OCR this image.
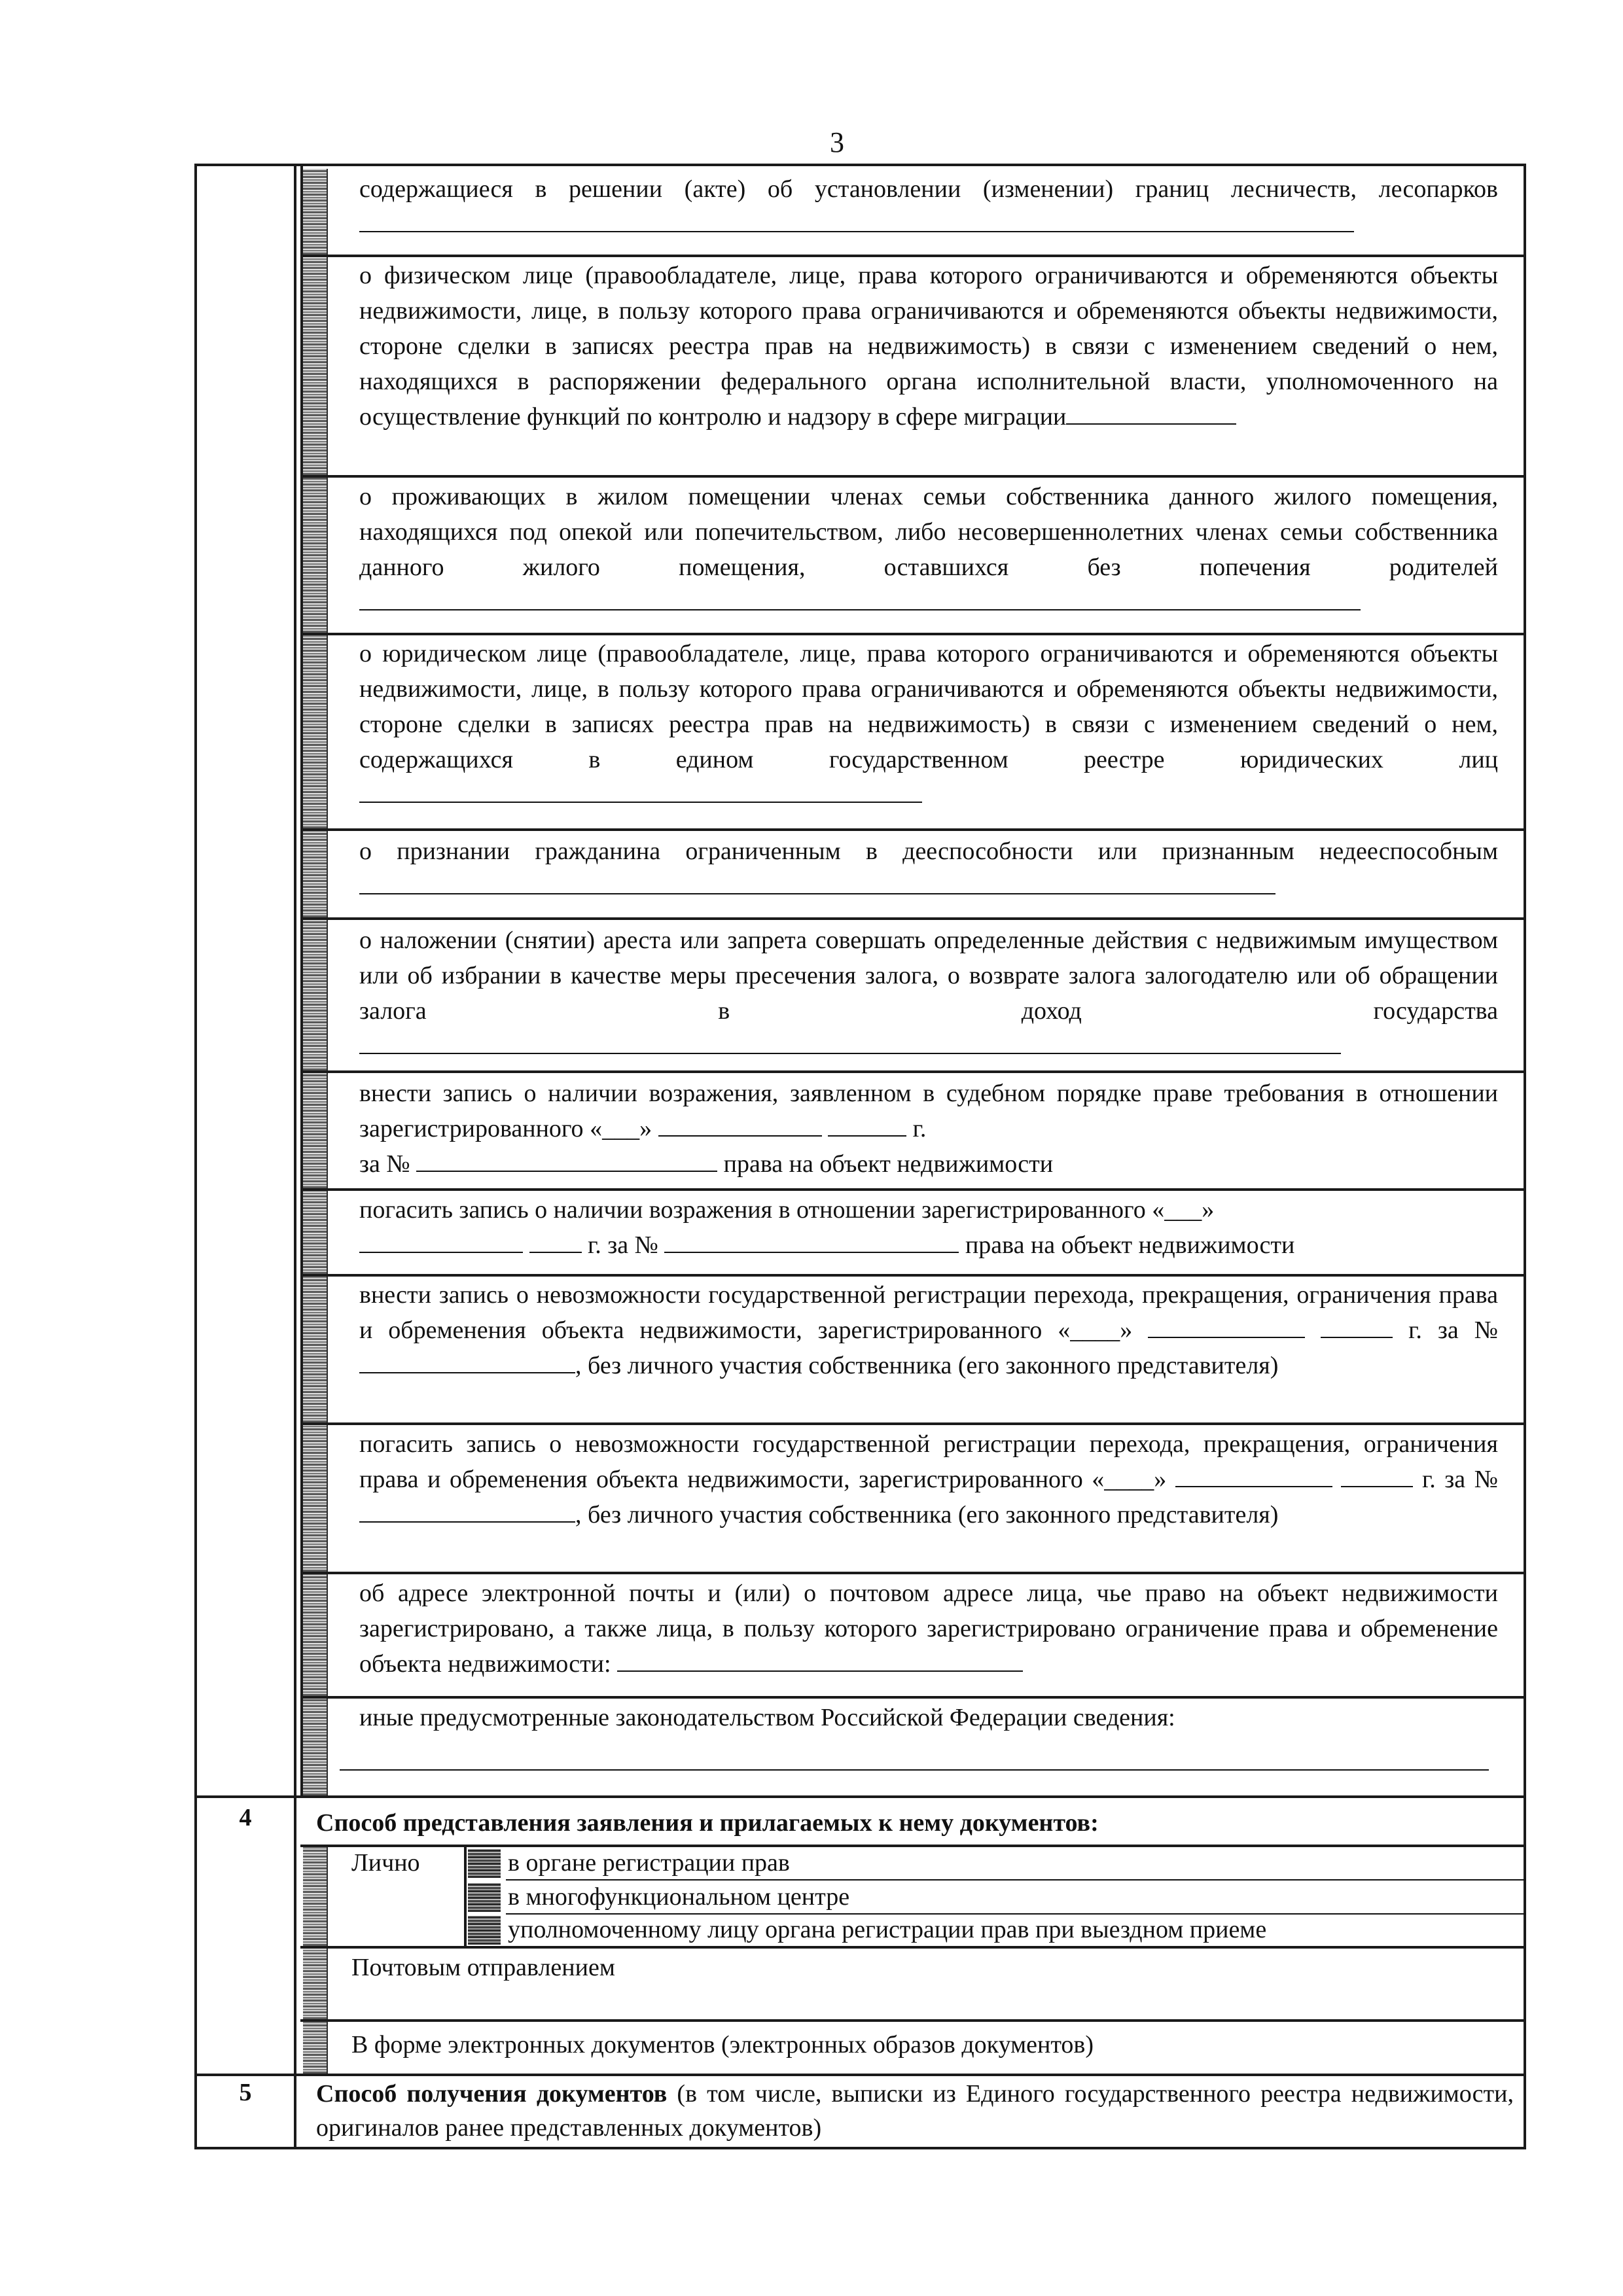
3
содержащиеся в решении (акте) об установлении (изменении) границ лесничеств, лесопарков
о физическом лице (правообладателе, лице, права которого ограничиваются и обременяются объекты недвижимости, лице, в пользу которого права ограничиваются и обременяются объекты недвижимости, стороне сделки в записях реестра прав на недвижимость) в связи с изменением сведений о нем, находящихся в распоряжении федерального органа исполнительной власти, уполномоченного на осуществление функций по контролю и надзору в сфере миграции
о проживающих в жилом помещении членах семьи собственника данного жилого помещения, находящихся под опекой или попечительством, либо несовершеннолетних членах семьи собственника данного жилого помещения, оставшихся без попечения родителей
о юридическом лице (правообладателе, лице, права которого ограничиваются и обременяются объекты недвижимости, лице, в пользу которого права ограничиваются и обременяются объекты недвижимости, стороне сделки в записях реестра прав на недвижимость) в связи с изменением сведений о нем, содержащихся в едином государственном реестре юридических лиц
о признании гражданина ограниченным в дееспособности или признанным недееспособным
о наложении (снятии) ареста или запрета совершать определенные действия с недвижимым имуществом или об избрании в качестве меры пресечения залога, о возврате залога залогодателю или об обращении залога в доход государства
внести запись о наличии возражения, заявленном в судебном порядке праве требования в отношении зарегистрированного «___»	г.
за №	права на объект недвижимости
погасить запись о наличии возражения в отношении зарегистрированного «___»
г. за №	права на объект недвижимости
внести запись о невозможности государственной регистрации перехода, прекращения, ограничения права и обременения объекта недвижимости, зарегистрированного «____»	г. за № , без личного участия собственника (его законного представителя)
погасить запись о невозможности государственной регистрации перехода, прекращения, ограничения права и обременения объекта недвижимости, зарегистрированного «____»	г. за № , без личного участия собственника (его законного представителя)
об адресе электронной почты и (или) о почтовом адресе лица, чье право на объект недвижимости зарегистрировано, а также лица, в пользу которого зарегистрировано ограничение права и обременение объекта недвижимости:
иные предусмотренные законодательством Российской Федерации сведения:
4	Способ представления заявления и прилагаемых к нему документов:
Лично	в органе регистрации прав
в многофункциональном центре
уполномоченному лицу органа регистрации прав при выездном приеме
Почтовым отправлением
В форме электронных документов (электронных образов документов)
5	Способ получения документов (в том числе, выписки из Единого государственного реестра недвижимости, оригиналов ранее представленных документов)
